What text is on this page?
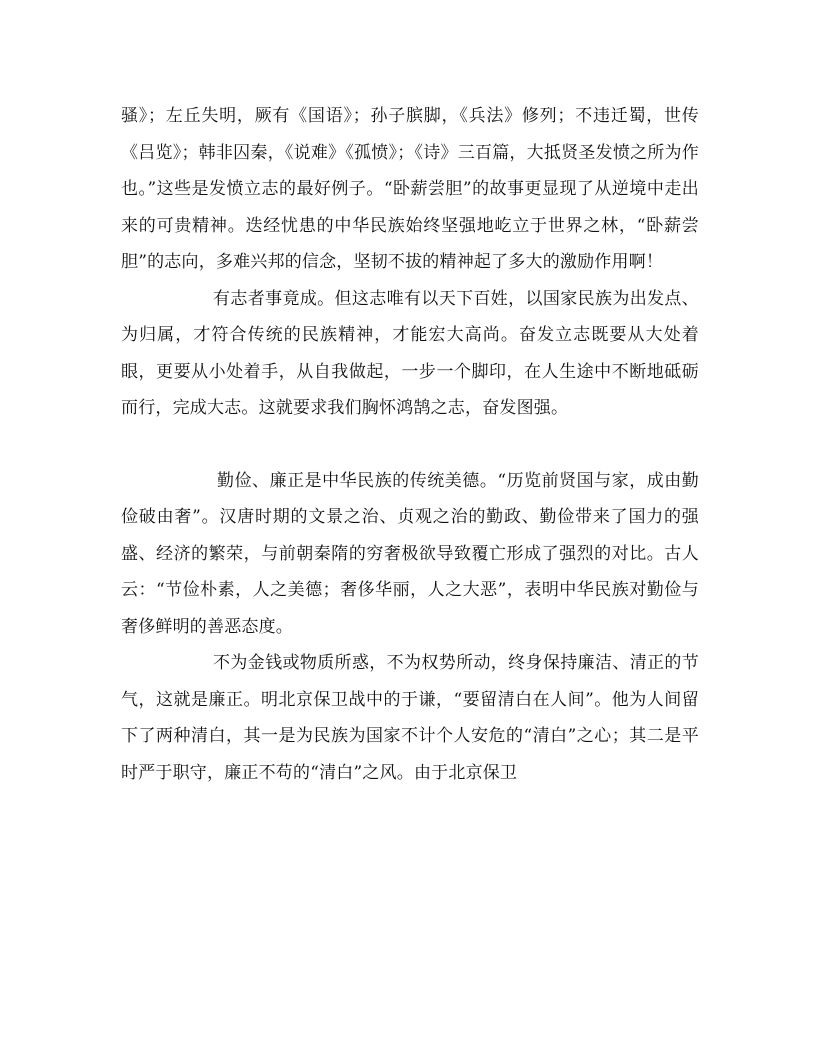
骚》；左丘失明，厥有《国语》；孙子膑脚，《兵法》修列；不违迁蜀，世传《吕览》；韩非囚秦，《说难》《孤愤》；《诗》三百篇，大抵贤圣发愤之所为作也。”这些是发愤立志的最好例子。“卧薪尝胆”的故事更显现了从逆境中走出来的可贵精神。迭经忧患的中华民族始终坚强地屹立于世界之林，“卧薪尝胆”的志向，多难兴邦的信念，坚韧不拔的精神起了多大的激励作用啊！

有志者事竟成。但这志唯有以天下百姓，以国家民族为出发点、为归属，才符合传统的民族精神，才能宏大高尚。奋发立志既要从大处着眼，更要从小处着手，从自我做起，一步一个脚印，在人生途中不断地砥砺而行，完成大志。这就要求我们胸怀鸿鹄之志，奋发图强。

勤俭、廉正是中华民族的传统美德。“历览前贤国与家，成由勤俭破由奢”。汉唐时期的文景之治、贞观之治的勤政、勤俭带来了国力的强盛、经济的繁荣，与前朝秦隋的穷奢极欲导致覆亡形成了强烈的对比。古人云：“节俭朴素，人之美德；奢侈华丽，人之大恶”，表明中华民族对勤俭与奢侈鲜明的善恶态度。

不为金钱或物质所惑，不为权势所动，终身保持廉洁、清正的节气，这就是廉正。明北京保卫战中的于谦，“要留清白在人间”。他为人间留下了两种清白，其一是为民族为国家不计个人安危的“清白”之心；其二是平时严于职守，廉正不苟的“清白”之风。由于北京保卫
